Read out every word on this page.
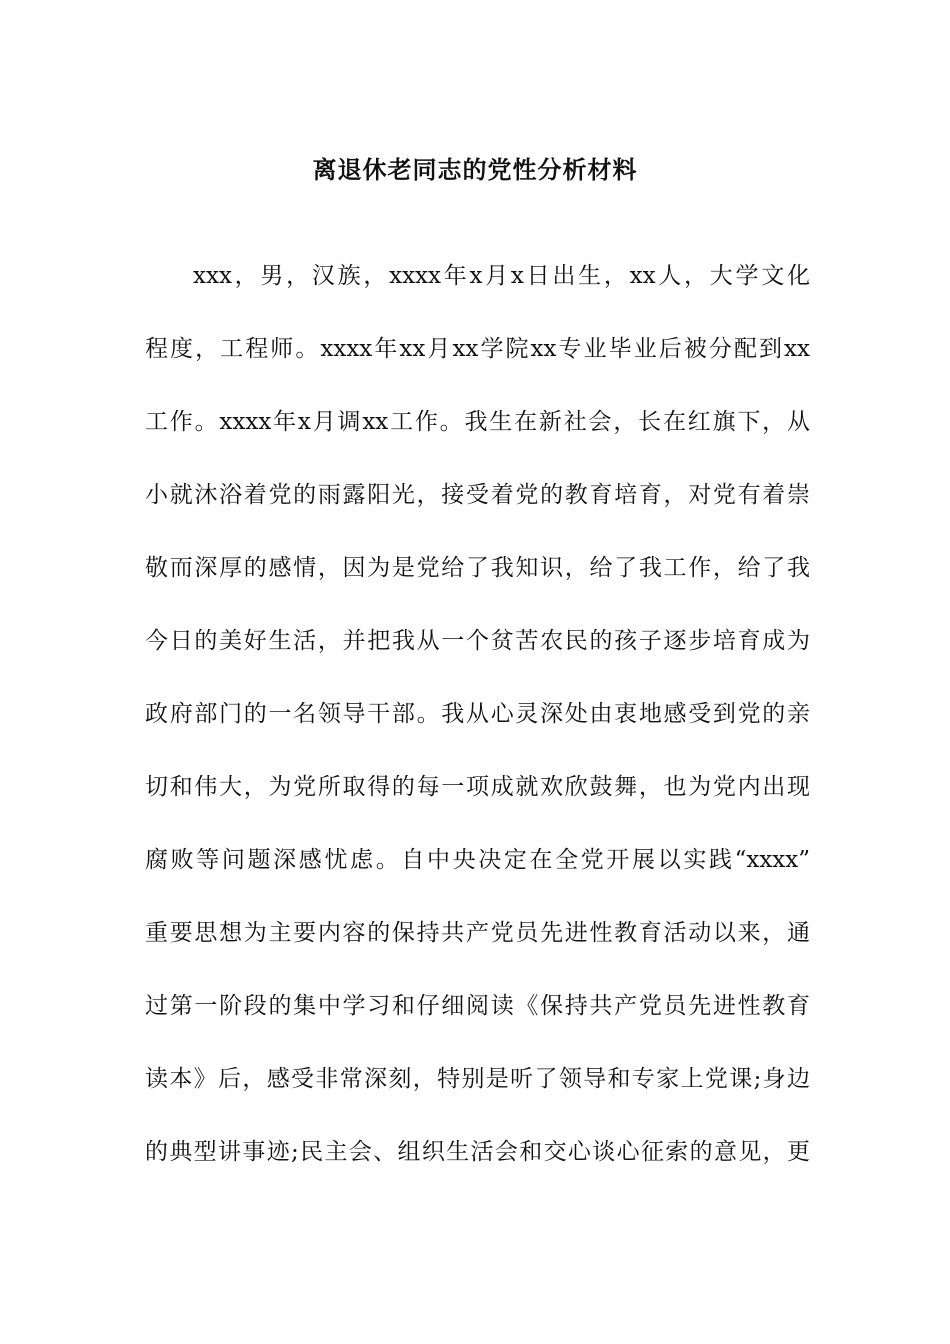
离退休老同志的党性分析材料
xxx，男，汉族，xxxx年x月x日出生，xx人，大学文化
程度，工程师。xxxx年xx月xx学院xx专业毕业后被分配到xx
工作。xxxx年x月调xx工作。我生在新社会，长在红旗下，从
小就沐浴着党的雨露阳光，接受着党的教育培育，对党有着崇
敬而深厚的感情，因为是党给了我知识，给了我工作，给了我
今日的美好生活，并把我从一个贫苦农民的孩子逐步培育成为
政府部门的一名领导干部。我从心灵深处由衷地感受到党的亲
切和伟大，为党所取得的每一项成就欢欣鼓舞，也为党内出现
腐败等问题深感忧虑。自中央决定在全党开展以实践“xxxx”
重要思想为主要内容的保持共产党员先进性教育活动以来，通
过第一阶段的集中学习和仔细阅读《保持共产党员先进性教育
读本》后，感受非常深刻，特别是听了领导和专家上党课;身边
的典型讲事迹;民主会、组织生活会和交心谈心征索的意见，更
